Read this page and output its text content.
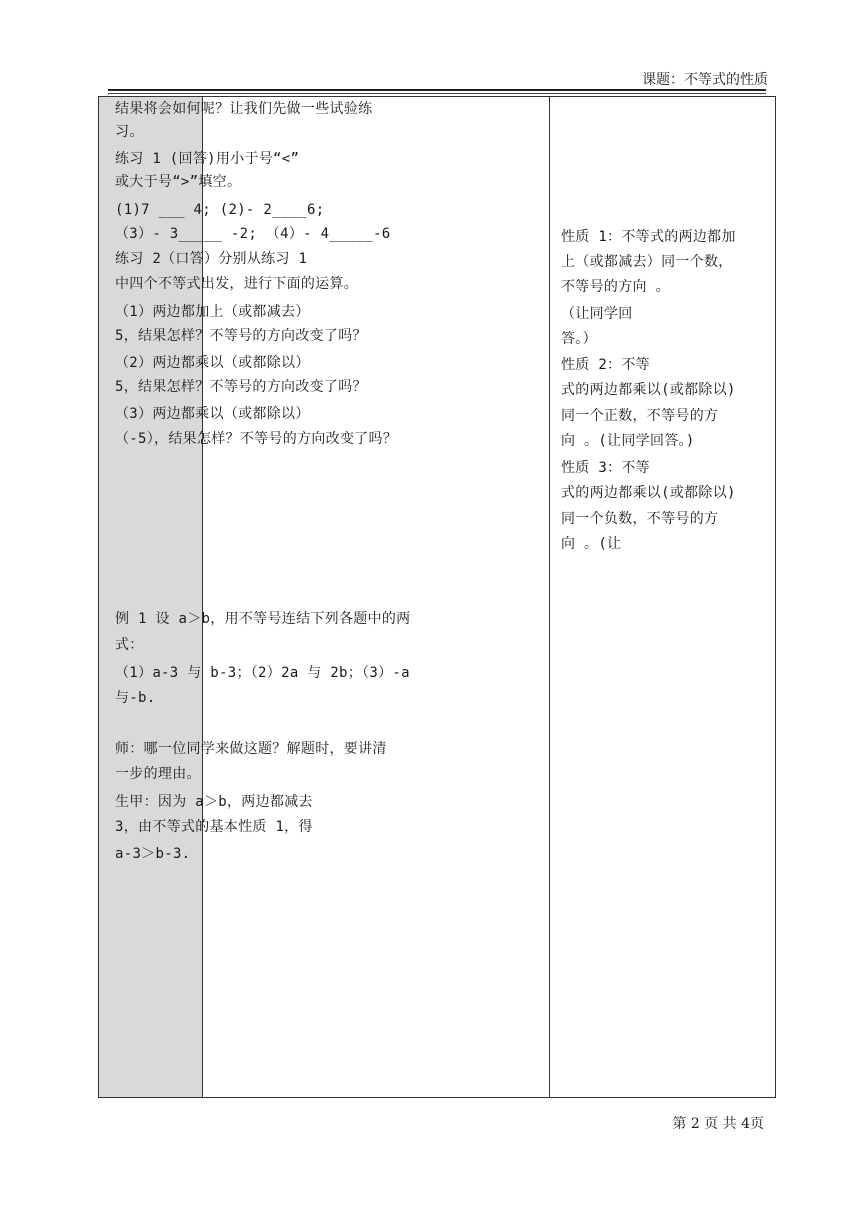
课题：不等式的性质
结果将会如何呢？让我们先做一些试验练
习。
练习 1 (回答)用小于号“<”
或大于号“>”填空。
(1)7 ___ 4; (2)- 2____6;
（3）- 3_____ -2; （4）- 4_____-6
练习 2（口答）分别从练习 1
中四个不等式出发，进行下面的运算。
（1）两边都加上（或都减去）
5，结果怎样？不等号的方向改变了吗？
（2）两边都乘以（或都除以）
5，结果怎样？不等号的方向改变了吗？
（3）两边都乘以（或都除以）
（-5），结果怎样？不等号的方向改变了吗？
例 1 设 a＞b，用不等号连结下列各题中的两
式：
（1）a-3 与 b-3；（2）2a 与 2b；（3）-a
与-b.
师：哪一位同学来做这题？解题时，要讲清
一步的理由。
生甲：因为 a＞b，两边都减去
3，由不等式的基本性质 1，得
a-3＞b-3.
性质 1：不等式的两边都加
上（或都减去）同一个数，
不等号的方向 。
（让同学回
答。）
性质 2：不等
式的两边都乘以(或都除以)
同一个正数，不等号的方
向 。(让同学回答。)
性质 3：不等
式的两边都乘以(或都除以)
同一个负数，不等号的方
向 。(让
第 2 页 共 4页
